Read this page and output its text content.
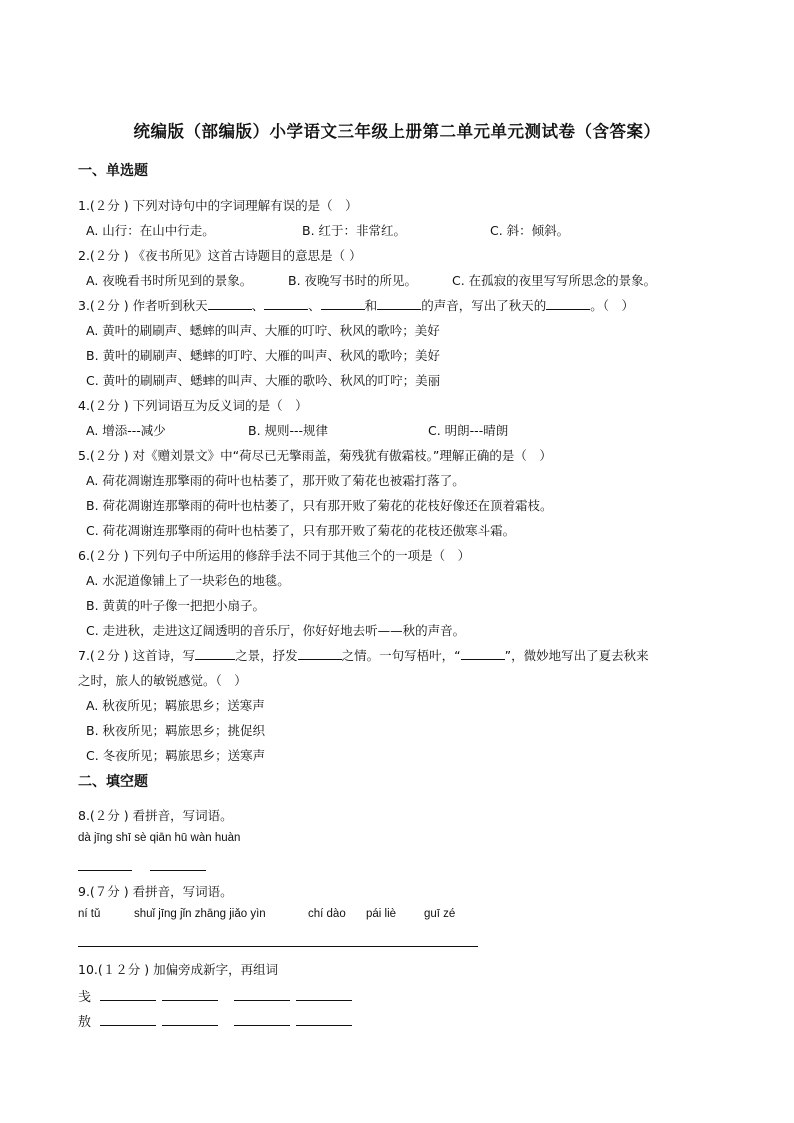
统编版（部编版）小学语文三年级上册第二单元单元测试卷（含答案）
一、单选题
1.(２分 ) 下列对诗句中的字词理解有误的是（　）
A. 山行：在山中行走。	B. 红于：非常红。	C. 斜：倾斜。
2.(２分 ) 《夜书所见》这首古诗题目的意思是（ ）
A. 夜晚看书时所见到的景象。	B. 夜晚写书时的所见。	C. 在孤寂的夜里写写所思念的景象。
3.(２分 ) 作者听到秋天	、	、	和	的声音，写出了秋天的	。（　）
A. 黄叶的刷刷声、蟋蟀的叫声、大雁的叮咛、秋风的歌吟；美好
B. 黄叶的刷刷声、蟋蟀的叮咛、大雁的叫声、秋风的歌吟；美好
C. 黄叶的刷刷声、蟋蟀的叫声、大雁的歌吟、秋风的叮咛；美丽
4.(２分 ) 下列词语互为反义词的是（　）
A. 增添---减少	B. 规则---规律	C. 明朗---晴朗
5.(２分 ) 对《赠刘景文》中“荷尽已无擎雨盖，菊残犹有傲霜枝。”理解正确的是（　）
A. 荷花凋谢连那擎雨的荷叶也枯萎了，那开败了菊花也被霜打落了。
B. 荷花凋谢连那擎雨的荷叶也枯萎了，只有那开败了菊花的花枝好像还在顶着霜枝。
C. 荷花凋谢连那擎雨的荷叶也枯萎了，只有那开败了菊花的花枝还傲寒斗霜。
6.(２分 ) 下列句子中所运用的修辞手法不同于其他三个的一项是（　）
A. 水泥道像铺上了一块彩色的地毯。
B. 黄黄的叶子像一把把小扇子。
C. 走进秋，走进这辽阔透明的音乐厅，你好好地去听——秋的声音。
7.(２分 ) 这首诗，写	之景，抒发	之情。一句写梧叶，“	”，微妙地写出了夏去秋来
之时，旅人的敏锐感觉。（　）
A. 秋夜所见；羁旅思乡；送寒声
B. 秋夜所见；羁旅思乡；挑促织
C. 冬夜所见；羁旅思乡；送寒声
二、填空题
8.(２分 ) 看拼音，写词语。
dà jīng shī sè qiān hū wàn huàn
9.(７分 ) 看拼音，写词语。
ní tǔ	shuǐ jīng jǐn zhāng jiǎo yìn	chí dào pái liè guī zé
10.(１２分 ) 加偏旁成新字，再组词
戋
敖
